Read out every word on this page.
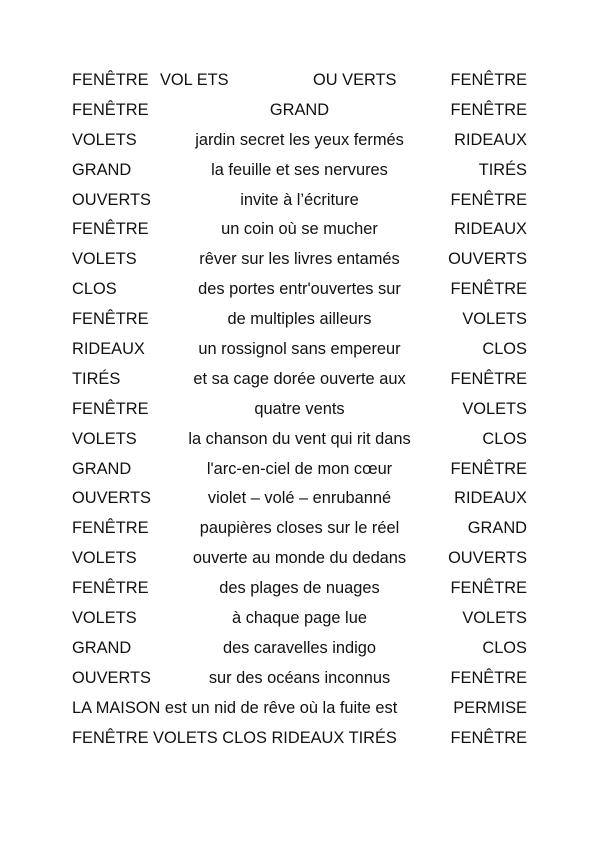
FENÊTRE VOL ETS	OU VERTS	FENÊTRE
FENÊTRE	GRAND	FENÊTRE
VOLETS	jardin secret les yeux fermés	RIDEAUX
GRAND	la feuille et ses nervures	TIRÉS
OUVERTS	invite à l’écriture	FENÊTRE
FENÊTRE	un coin où se mucher	RIDEAUX
VOLETS	rêver sur les livres entamés	OUVERTS
CLOS	des portes entr'ouvertes sur	FENÊTRE
FENÊTRE	de multiples ailleurs	VOLETS
RIDEAUX	un rossignol sans empereur	CLOS
TIRÉS	et sa cage dorée ouverte aux	FENÊTRE
FENÊTRE	quatre vents	VOLETS
VOLETS	la chanson du vent qui rit dans	CLOS
GRAND	l'arc-en-ciel de mon cœur	FENÊTRE
OUVERTS	violet – volé – enrubanné	RIDEAUX
FENÊTRE	paupières closes sur le réel	GRAND
VOLETS	ouverte au monde du dedans	OUVERTS
FENÊTRE	des plages de nuages	FENÊTRE
VOLETS	à chaque page lue	VOLETS
GRAND	des caravelles indigo	CLOS
OUVERTS	sur des océans inconnus	FENÊTRE
LA MAISON est un nid de rêve où la fuite est	PERMISE
FENÊTRE VOLETS CLOS RIDEAUX TIRÉS	FENÊTRE
